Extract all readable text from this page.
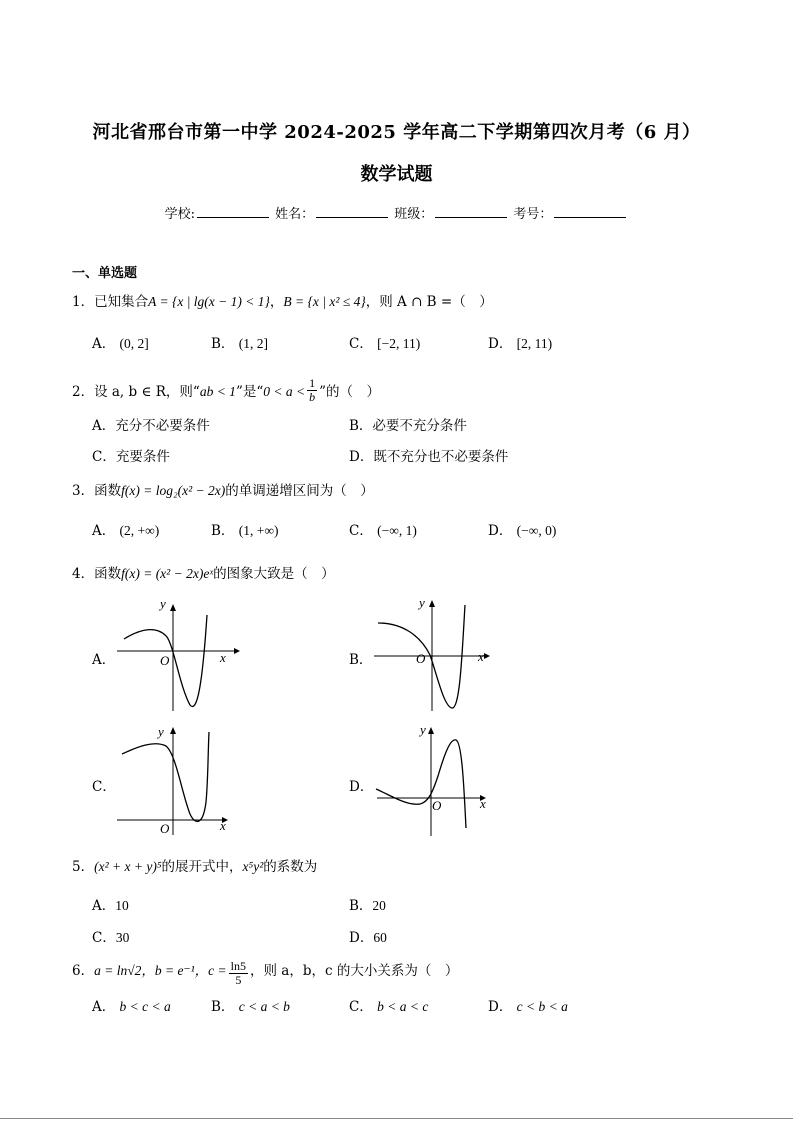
河北省邢台市第一中学 2024-2025 学年高二下学期第四次月考（6 月）
数学试题
学校:	姓名：	班级：	考号：
一、单选题
1．已知集合A = {x | lg(x − 1) < 1}，B = {x | x² ≤ 4}，则 A ∩ B =（　）
A． (0, 2]	B． (1, 2]	C． [−2, 11)	D． [2, 11)
2．设 a, b ∈ R，则“ab < 1”是“$0 < a < \frac{1}{b}$ ”的（　）
A．充分不必要条件	B．必要不充分条件
C．充要条件	D．既不充分也不必要条件
3．函数f(x) = log₂(x² − 2x)的单调递增区间为（　）
A． (2, +∞)	B． (1, +∞)	C． (−∞, 1)	D． (−∞, 0)
4．函数f(x) = (x² − 2x)eˣ的图象大致是（　）
A．	x
y
O	B．	x
y
O
C．
x
y
O
D．
x
y
O
5．(x² + x + y)⁵的展开式中，x⁵y²的系数为
A．10	B．20
C．30	D．60
6．a = ln√2，b = e⁻¹，$c = \frac{\ln 5}{5}$ ，则 a，b，c 的大小关系为（　）
A． b < c < a	B． c < a < b	C． b < a < c	D． c < b < a
